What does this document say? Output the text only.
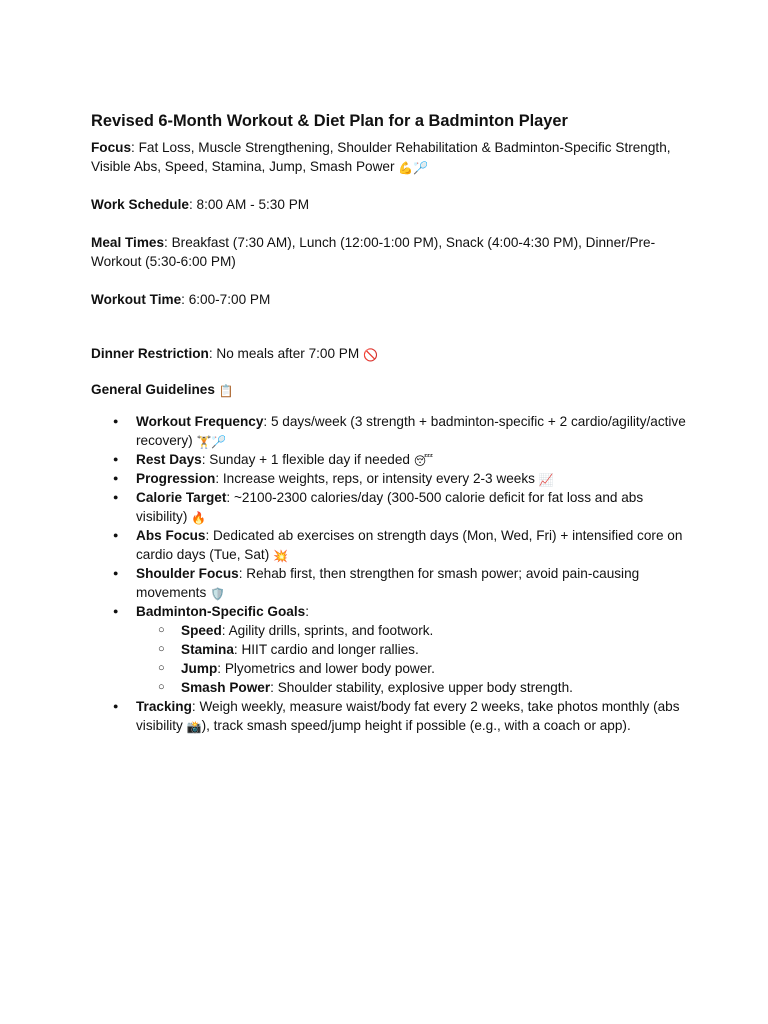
Revised 6-Month Workout & Diet Plan for a Badminton Player

Focus: Fat Loss, Muscle Strengthening, Shoulder Rehabilitation & Badminton-Specific Strength, Visible Abs, Speed, Stamina, Jump, Smash Power 💪🏸

Work Schedule: 8:00 AM - 5:30 PM

Meal Times: Breakfast (7:30 AM), Lunch (12:00-1:00 PM), Snack (4:00-4:30 PM), Dinner/Pre-Workout (5:30-6:00 PM)

Workout Time: 6:00-7:00 PM

Dinner Restriction: No meals after 7:00 PM 🚫

General Guidelines 📋

● Workout Frequency: 5 days/week (3 strength + badminton-specific + 2 cardio/agility/active recovery) 🏋️🏸
● Rest Days: Sunday + 1 flexible day if needed 😴
● Progression: Increase weights, reps, or intensity every 2-3 weeks 📈
● Calorie Target: ~2100-2300 calories/day (300-500 calorie deficit for fat loss and abs visibility) 🔥
● Abs Focus: Dedicated ab exercises on strength days (Mon, Wed, Fri) + intensified core on cardio days (Tue, Sat) 💥
● Shoulder Focus: Rehab first, then strengthen for smash power; avoid pain-causing movements 🛡️
● Badminton-Specific Goals:
○ Speed: Agility drills, sprints, and footwork.
○ Stamina: HIIT cardio and longer rallies.
○ Jump: Plyometrics and lower body power.
○ Smash Power: Shoulder stability, explosive upper body strength.
● Tracking: Weigh weekly, measure waist/body fat every 2 weeks, take photos monthly (abs visibility 📸), track smash speed/jump height if possible (e.g., with a coach or app).
